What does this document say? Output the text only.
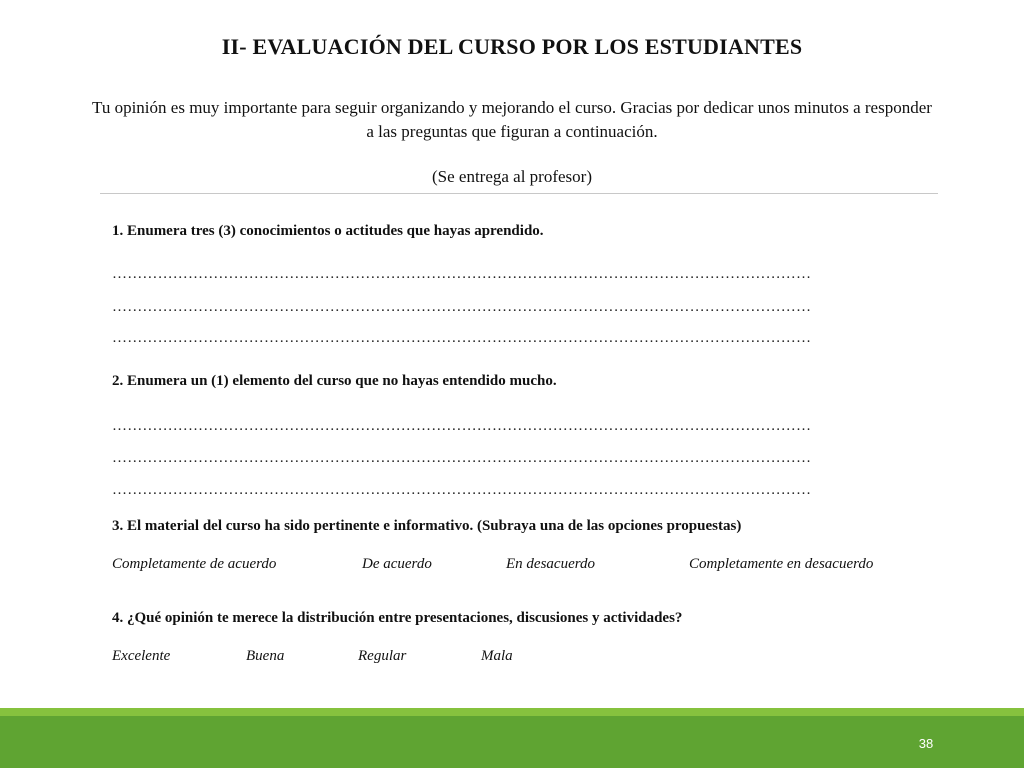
II- EVALUACIÓN DEL CURSO POR LOS ESTUDIANTES
Tu opinión es muy importante para seguir organizando y mejorando el curso. Gracias por dedicar unos minutos a responder a las preguntas que figuran a continuación.
(Se entrega al profesor)
1. Enumera tres (3) conocimientos o actitudes que hayas aprendido.
…………………………………………………………………………………………………………………………
…………………………………………………………………………………………………………………………
…………………………………………………………………………………………………………………………
2. Enumera un (1) elemento del curso que no hayas entendido mucho.
…………………………………………………………………………………………………………………………
…………………………………………………………………………………………………………………………
…………………………………………………………………………………………………………………………
3. El material del curso ha sido pertinente e informativo. (Subraya una de las opciones propuestas)
Completamente de acuerdo	De acuerdo	En desacuerdo	Completamente en desacuerdo
4. ¿Qué opinión te merece la distribución entre presentaciones, discusiones y actividades?
Excelente	Buena	Regular	Mala
38
